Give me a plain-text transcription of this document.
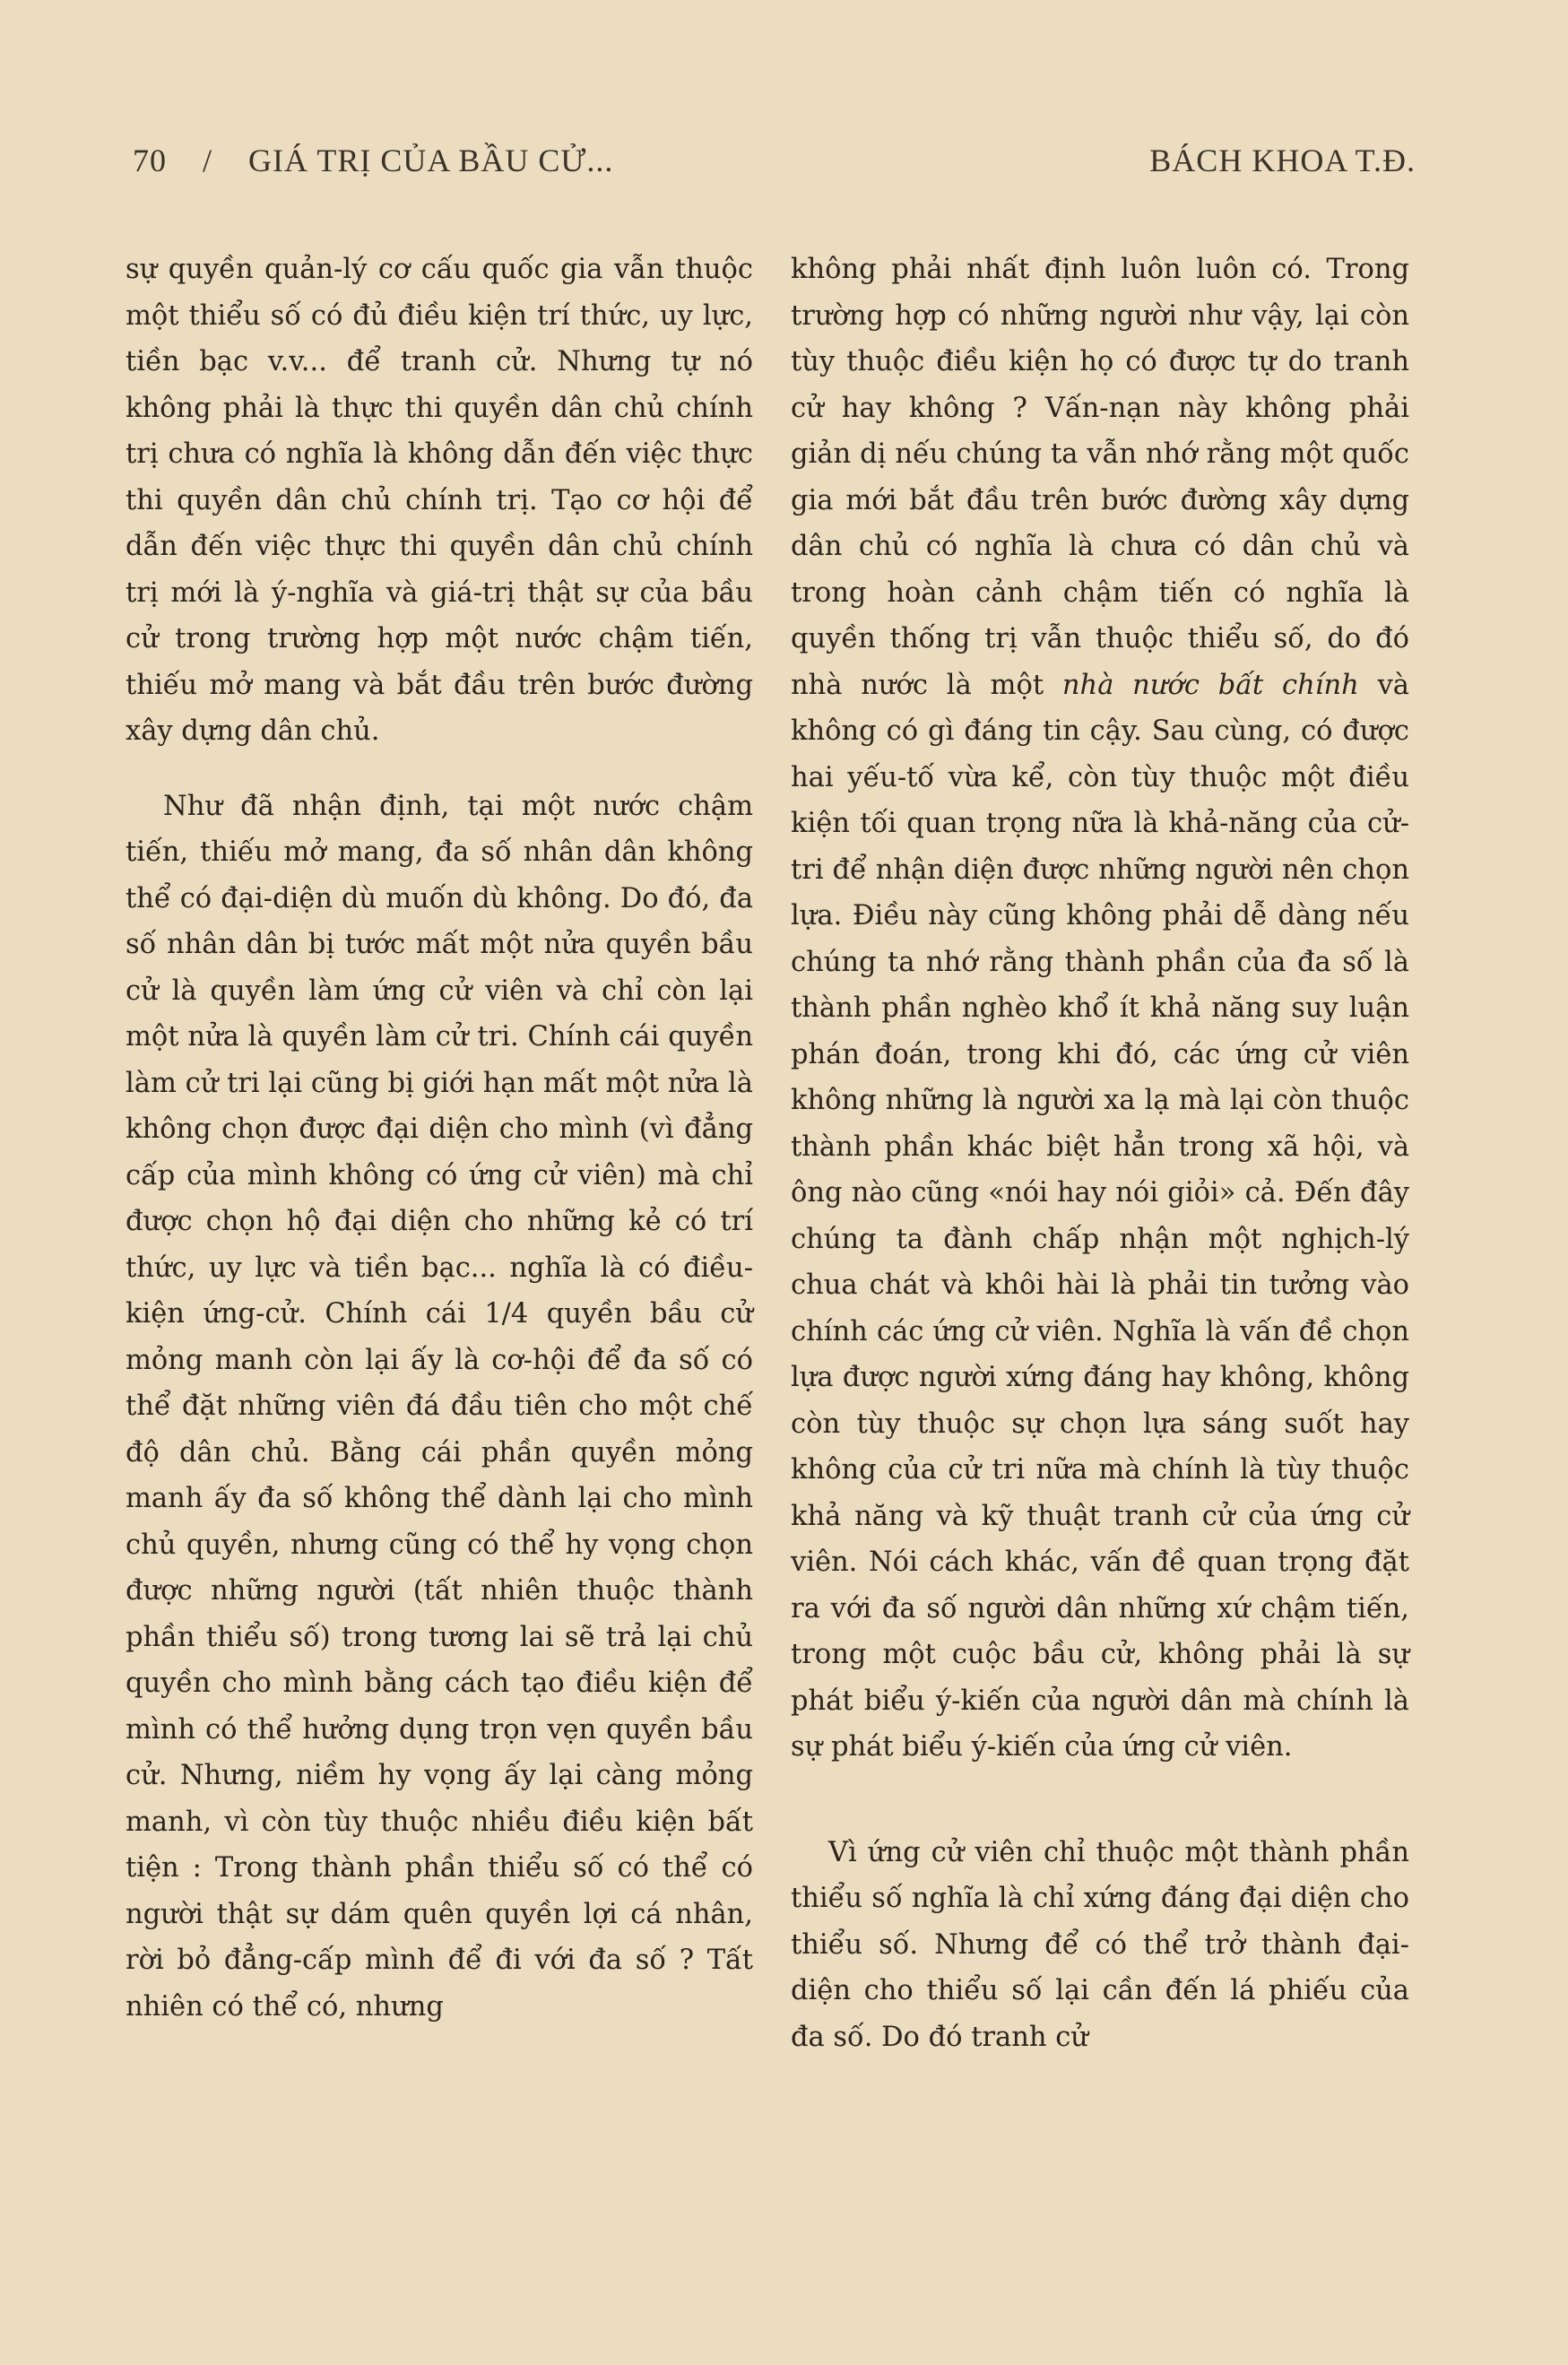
70 / GIÁ TRỊ CỦA BẦU CỬ...	BÁCH KHOA T.Đ.

sự quyền quản-lý cơ cấu quốc gia vẫn thuộc một thiểu số có đủ điều kiện trí thức, uy lực, tiền bạc v.v... để tranh cử. Nhưng tự nó không phải là thực thi quyền dân chủ chính trị chưa có nghĩa là không dẫn đến việc thực thi quyền dân chủ chính trị. Tạo cơ hội để dẫn đến việc thực thi quyền dân chủ chính trị mới là ý-nghĩa và giá-trị thật sự của bầu cử trong trường hợp một nước chậm tiến, thiếu mở mang và bắt đầu trên bước đường xây dựng dân chủ.

Như đã nhận định, tại một nước chậm tiến, thiếu mở mang, đa số nhân dân không thể có đại-diện dù muốn dù không. Do đó, đa số nhân dân bị tước mất một nửa quyền bầu cử là quyền làm ứng cử viên và chỉ còn lại một nửa là quyền làm cử tri. Chính cái quyền làm cử tri lại cũng bị giới hạn mất một nửa là không chọn được đại diện cho mình (vì đẳng cấp của mình không có ứng cử viên) mà chỉ được chọn hộ đại diện cho những kẻ có trí thức, uy lực và tiền bạc... nghĩa là có điều-kiện ứng-cử. Chính cái 1/4 quyền bầu cử mỏng manh còn lại ấy là cơ-hội để đa số có thể đặt những viên đá đầu tiên cho một chế độ dân chủ. Bằng cái phần quyền mỏng manh ấy đa số không thể dành lại cho mình chủ quyền, nhưng cũng có thể hy vọng chọn được những người (tất nhiên thuộc thành phần thiểu số) trong tương lai sẽ trả lại chủ quyền cho mình bằng cách tạo điều kiện để mình có thể hưởng dụng trọn vẹn quyền bầu cử. Nhưng, niềm hy vọng ấy lại càng mỏng manh, vì còn tùy thuộc nhiều điều kiện bất tiện : Trong thành phần thiểu số có thể có người thật sự dám quên quyền lợi cá nhân, rời bỏ đẳng-cấp mình để đi với đa số ? Tất nhiên có thể có, nhưng

không phải nhất định luôn luôn có. Trong trường hợp có những người như vậy, lại còn tùy thuộc điều kiện họ có được tự do tranh cử hay không ? Vấn-nạn này không phải giản dị nếu chúng ta vẫn nhớ rằng một quốc gia mới bắt đầu trên bước đường xây dựng dân chủ có nghĩa là chưa có dân chủ và trong hoàn cảnh chậm tiến có nghĩa là quyền thống trị vẫn thuộc thiểu số, do đó nhà nước là một nhà nước bất chính và không có gì đáng tin cậy. Sau cùng, có được hai yếu-tố vừa kể, còn tùy thuộc một điều kiện tối quan trọng nữa là khả-năng của cử-tri để nhận diện được những người nên chọn lựa. Điều này cũng không phải dễ dàng nếu chúng ta nhớ rằng thành phần của đa số là thành phần nghèo khổ ít khả năng suy luận phán đoán, trong khi đó, các ứng cử viên không những là người xa lạ mà lại còn thuộc thành phần khác biệt hẳn trong xã hội, và ông nào cũng «nói hay nói giỏi» cả. Đến đây chúng ta đành chấp nhận một nghịch-lý chua chát và khôi hài là phải tin tưởng vào chính các ứng cử viên. Nghĩa là vấn đề chọn lựa được người xứng đáng hay không, không còn tùy thuộc sự chọn lựa sáng suốt hay không của cử tri nữa mà chính là tùy thuộc khả năng và kỹ thuật tranh cử của ứng cử viên. Nói cách khác, vấn đề quan trọng đặt ra với đa số người dân những xứ chậm tiến, trong một cuộc bầu cử, không phải là sự phát biểu ý-kiến của người dân mà chính là sự phát biểu ý-kiến của ứng cử viên.

Vì ứng cử viên chỉ thuộc một thành phần thiểu số nghĩa là chỉ xứng đáng đại diện cho thiểu số. Nhưng để có thể trở thành đại-diện cho thiểu số lại cần đến lá phiếu của đa số. Do đó tranh cử
